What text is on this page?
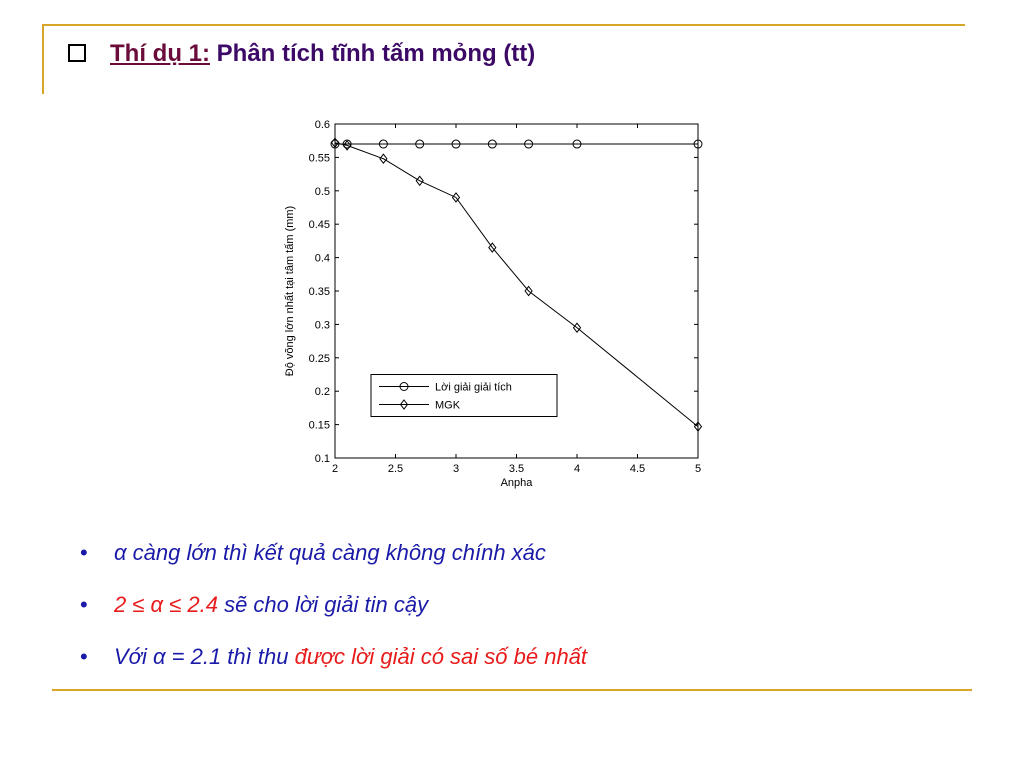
Thí dụ 1: Phân tích tĩnh tấm mỏng (tt)
2	2.5	3	3.5	4	4.5	5
0.1
0.15
0.2
0.25
0.3
0.35
0.4
0.45
0.5
0.55
0.6
Anpha
Độ võng lớn nhất tại tâm tấm (mm)
Lời giải giải tích
MGK
• α càng lớn thì kết quả càng không chính xác
• 2 ≤ α ≤ 2.4 sẽ cho lời giải tin cậy
• Với α = 2.1 thì thu được lời giải có sai số bé nhất
